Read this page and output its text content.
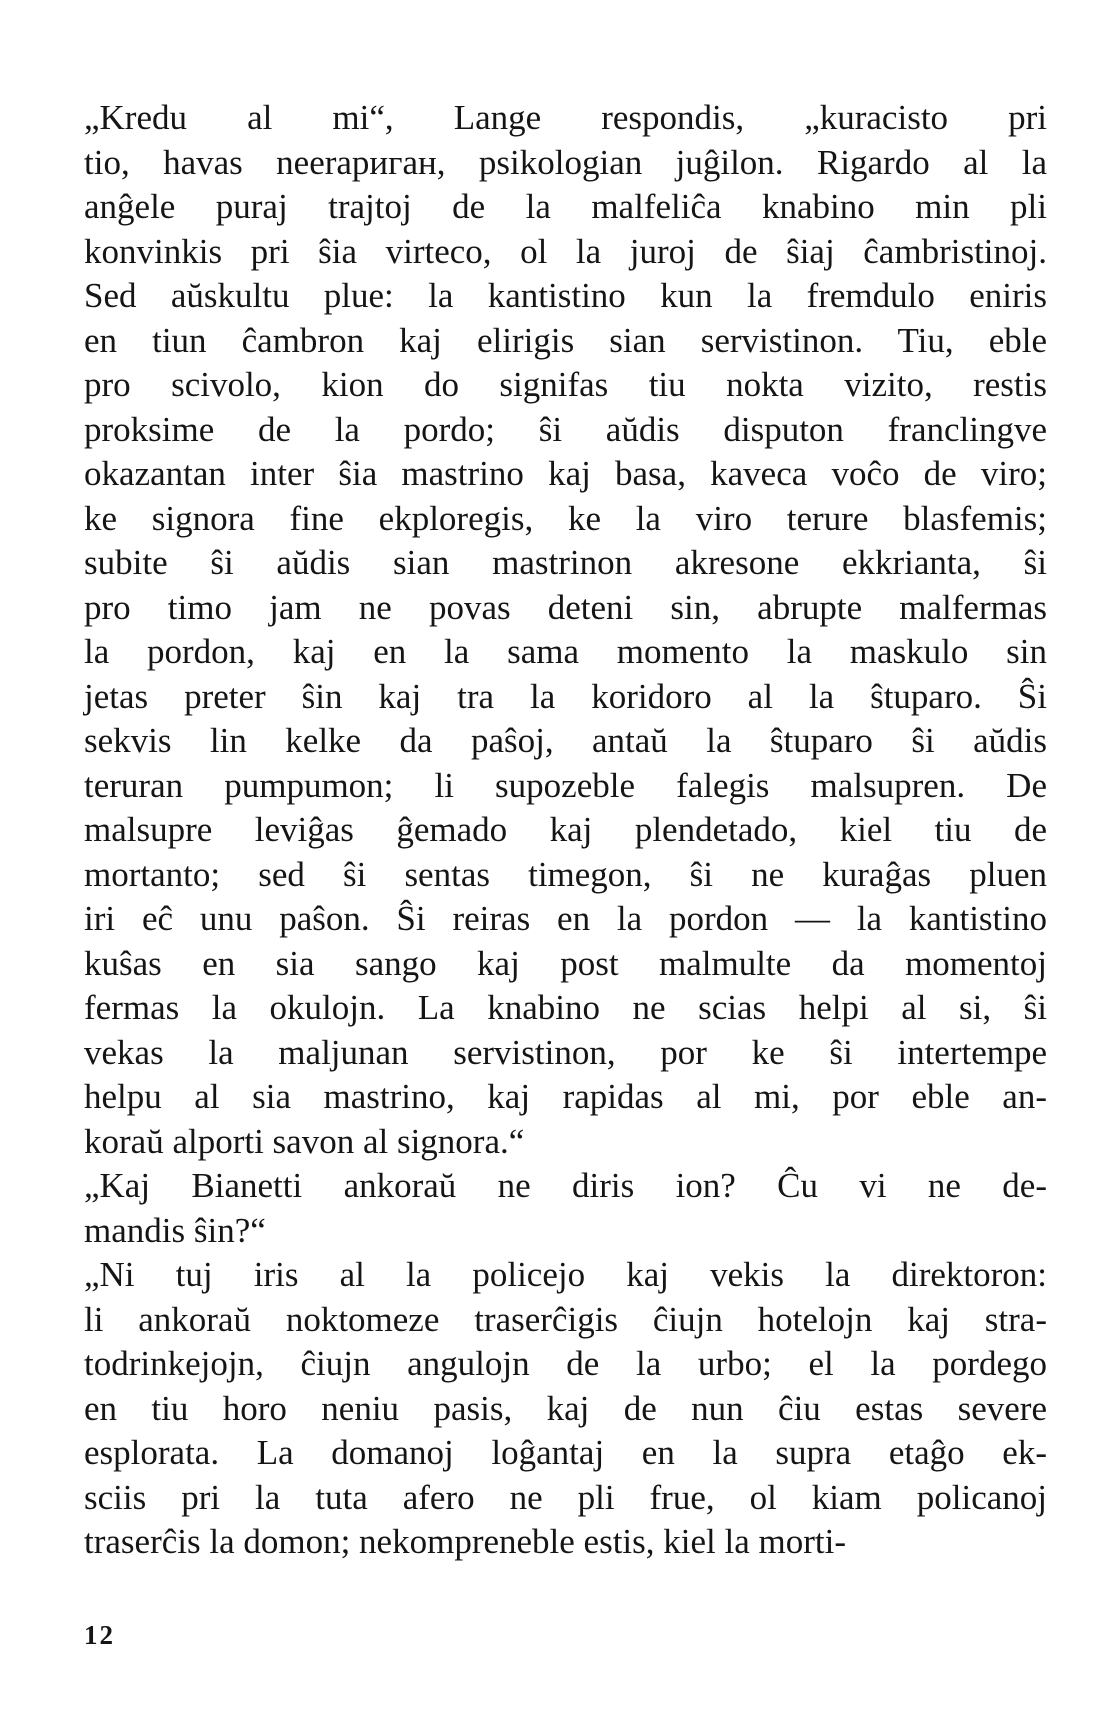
„Kredu al mi“, Lange respondis, „kuracisto pri
tio, havas neeraриган, psikologian juĝilon. Rigardo al la
anĝele puraj trajtoj de la malfeliĉa knabino min pli
konvinkis pri ŝia virteco, ol la juroj de ŝiaj ĉambristinoj.
Sed aŭskultu plue: la kantistino kun la fremdulo eniris
en tiun ĉambron kaj elirigis sian servistinon. Tiu, eble
pro scivolo, kion do signifas tiu nokta vizito, restis
proksime de la pordo; ŝi aŭdis disputon franclingve
okazantan inter ŝia mastrino kaj basa, kaveca voĉo de viro;
ke signora fine ekploregis, ke la viro terure blasfemis;
subite ŝi aŭdis sian mastrinon akresone ekkrianta, ŝi
pro timo jam ne povas deteni sin, abrupte malfermas
la pordon, kaj en la sama momento la maskulo sin
jetas preter ŝin kaj tra la koridoro al la ŝtuparo. Ŝi
sekvis lin kelke da paŝoj, antaŭ la ŝtuparo ŝi aŭdis
teruran pumpumon; li supozeble falegis malsupren. De
malsupre leviĝas ĝemado kaj plendetado, kiel tiu de
mortanto; sed ŝi sentas timegon, ŝi ne kuraĝas pluen
iri eĉ unu paŝon. Ŝi reiras en la pordon — la kantistino
kuŝas en sia sango kaj post malmulte da momentoj
fermas la okulojn. La knabino ne scias helpi al si, ŝi
vekas la maljunan servistinon, por ke ŝi intertempe
helpu al sia mastrino, kaj rapidas al mi, por eble an-
koraŭ alporti savon al signora.“

„Kaj Bianetti ankoraŭ ne diris ion? Ĉu vi ne de-
mandis ŝin?“

„Ni tuj iris al la policejo kaj vekis la direktoron:
li ankoraŭ noktomeze traserĉigis ĉiujn hotelojn kaj stra-
todrinkejojn, ĉiujn angulojn de la urbo; el la pordego
en tiu horo neniu pasis, kaj de nun ĉiu estas severe
esplorata. La domanoj loĝantaj en la supra etaĝo ek-
sciis pri la tuta afero ne pli frue, ol kiam policanoj
traserĉis la domon; nekompreneble estis, kiel la morti-

12
